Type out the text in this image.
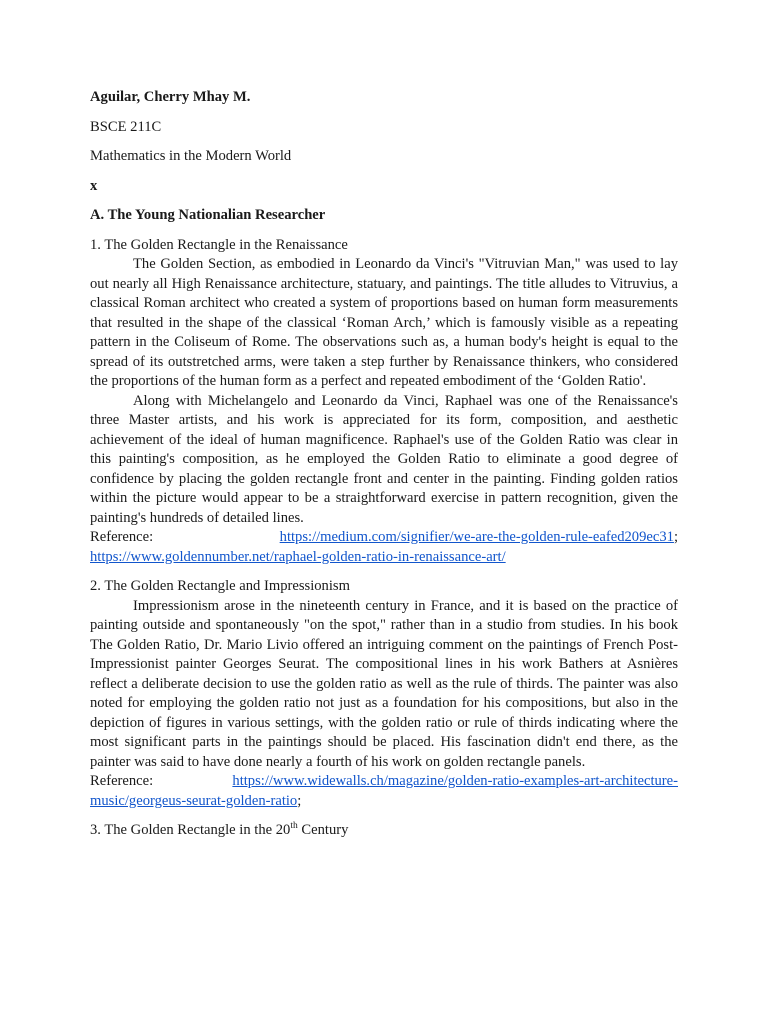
Aguilar, Cherry Mhay M.

BSCE 211C

Mathematics in the Modern World

x

A. The Young Nationalian Researcher

1. The Golden Rectangle in the Renaissance

The Golden Section, as embodied in Leonardo da Vinci's "Vitruvian Man," was used to lay out nearly all High Renaissance architecture, statuary, and paintings. The title alludes to Vitruvius, a classical Roman architect who created a system of proportions based on human form measurements that resulted in the shape of the classical ‘Roman Arch,’ which is famously visible as a repeating pattern in the Coliseum of Rome. The observations such as, a human body's height is equal to the spread of its outstretched arms, were taken a step further by Renaissance thinkers, who considered the proportions of the human form as a perfect and repeated embodiment of the ‘Golden Ratio'.

Along with Michelangelo and Leonardo da Vinci, Raphael was one of the Renaissance's three Master artists, and his work is appreciated for its form, composition, and aesthetic achievement of the ideal of human magnificence. Raphael's use of the Golden Ratio was clear in this painting's composition, as he employed the Golden Ratio to eliminate a good degree of confidence by placing the golden rectangle front and center in the painting. Finding golden ratios within the picture would appear to be a straightforward exercise in pattern recognition, given the painting's hundreds of detailed lines.

Reference:	https://medium.com/signifier/we-are-the-golden-rule-eafed209ec31;
https://www.goldennumber.net/raphael-golden-ratio-in-renaissance-art/

2. The Golden Rectangle and Impressionism

Impressionism arose in the nineteenth century in France, and it is based on the practice of painting outside and spontaneously "on the spot," rather than in a studio from studies. In his book The Golden Ratio, Dr. Mario Livio offered an intriguing comment on the paintings of French Post-Impressionist painter Georges Seurat. The compositional lines in his work Bathers at Asnières reflect a deliberate decision to use the golden ratio as well as the rule of thirds. The painter was also noted for employing the golden ratio not just as a foundation for his compositions, but also in the depiction of figures in various settings, with the golden ratio or rule of thirds indicating where the most significant parts in the paintings should be placed. His fascination didn't end there, as the painter was said to have done nearly a fourth of his work on golden rectangle panels.

Reference:	https://www.widewalls.ch/magazine/golden-ratio-examples-art-architecture-
music/georgeus-seurat-golden-ratio;

3. The Golden Rectangle in the 20th Century
